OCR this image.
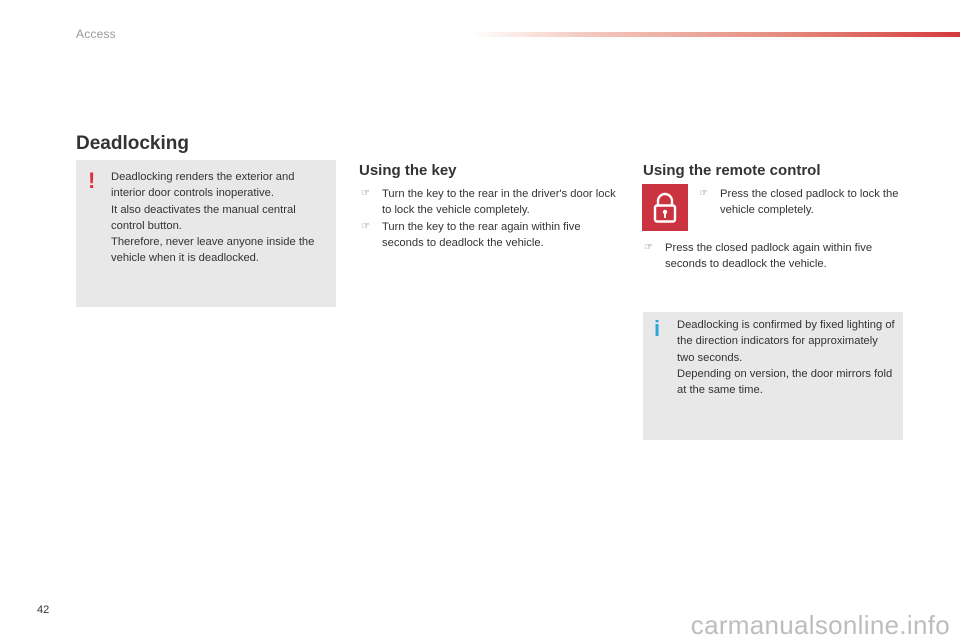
Access
Deadlocking
! Deadlocking renders the exterior and interior door controls inoperative.

It also deactivates the manual central control button.

Therefore, never leave anyone inside the vehicle when it is deadlocked.

Using the key
☞ Turn the key to the rear in the driver's door lock to lock the vehicle completely.
☞ Turn the key to the rear again within five seconds to deadlock the vehicle.
Using the remote control
☞ Press the closed padlock to lock the vehicle completely.
☞ Press the closed padlock again within five seconds to deadlock the vehicle.
i Deadlocking is confirmed by fixed lighting of the direction indicators for approximately two seconds.

Depending on version, the door mirrors fold at the same time.

42	carmanualsonline.info
